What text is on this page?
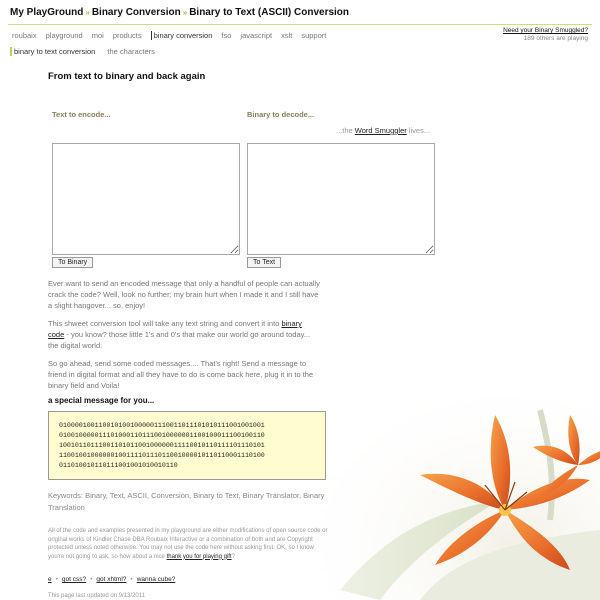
My PlayGround » Binary Conversion » Binary to Text (ASCII) Conversion
roubaix	playground	moi	products	binary conversion	fso	javascript	xslt	support
Need your Binary Smuggled?
189 others are playing
binary to text conversion the characters
From text to binary and back again
Text to encode...	Binary to decode...
...the Word Smuggler lives...
To Binary	To Text

Ever want to send an encoded message that only a handful of people can actually crack the code? Well, look no further; my brain hurt when I made it and I still have a slight hangover... so, enjoy!

This shweet conversion tool will take any text string and convert it into binary code - you know? those little 1's and 0's that make our world go around today... the digital world.

So go ahead, send some coded messages.... That's right! Send a message to friend in digital format and all they have to do is come back here, plug it in to the binary field and Voila!

a special message for you...
0100001001100101001000001110011011101010111001001001
0100100000111010001101110010000001100100011100100110
1001011011100110101100100000011110010110111101110101
1100100100000010011110111011001000010110110001110100
011010010110111001001010010110

Keywords: Binary, Text, ASCII, Conversion, Binary to Text, Binary Translator, Binary Translation

All of the code and examples presented in my playground are either modifications of open source code or original works of Kindler Chase DBA Roubaix Interactive or a combination of both and are Copyright protected unless noted otherwise. You may not use the code here without asking first. OK, so I know you're not going to ask, so how about a nice thank you for playing gift?

e • got css? • got xhtml? • wanna cube?
This page last updated on 9/13/2011
